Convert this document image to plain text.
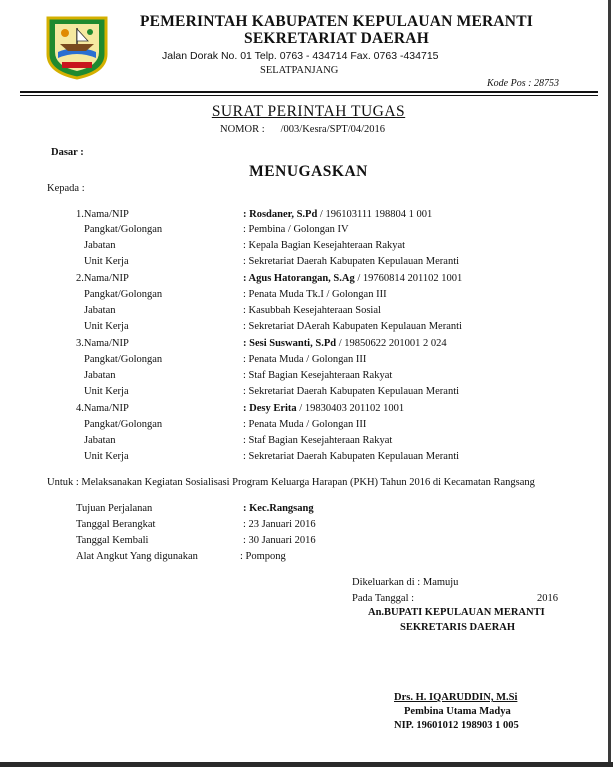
PEMERINTAH KABUPATEN KEPULAUAN MERANTI
SEKRETARIAT DAERAH
Jalan Dorak No. 01 Telp. 0763 - 434714 Fax. 0763 -434715
SELATPANJANG
Kode Pos : 28753
SURAT PERINTAH TUGAS
NOMOR : /003/Kesra/SPT/04/2016
Dasar :
MENUGASKAN
Kepada :
1.Nama/NIP	: Rosdaner, S.Pd / 196103111 198804 1 001
Pangkat/Golongan	: Pembina / Golongan IV
Jabatan	: Kepala Bagian Kesejahteraan Rakyat
Unit Kerja	: Sekretariat Daerah Kabupaten Kepulauan Meranti
2.Nama/NIP	: Agus Hatorangan, S.Ag / 19760814 201102 1001
Pangkat/Golongan	: Penata Muda Tk.I / Golongan III
Jabatan	: Kasubbah Kesejahteraan Sosial
Unit Kerja	: Sekretariat DAerah Kabupaten Kepulauan Meranti
3.Nama/NIP	: Sesi Suswanti, S.Pd / 19850622 201001 2 024
Pangkat/Golongan	: Penata Muda / Golongan III
Jabatan	: Staf Bagian Kesejahteraan Rakyat
Unit Kerja	: Sekretariat Daerah Kabupaten Kepulauan Meranti
4.Nama/NIP	: Desy Erita / 19830403 201102 1001
Pangkat/Golongan	: Penata Muda / Golongan III
Jabatan	: Staf Bagian Kesejahteraan Rakyat
Unit Kerja	: Sekretariat Daerah Kabupaten Kepulauan Meranti
Untuk : Melaksanakan Kegiatan Sosialisasi Program Keluarga Harapan (PKH) Tahun 2016 di Kecamatan Rangsang
Tujuan Perjalanan	: Kec.Rangsang
Tanggal Berangkat	: 23 Januari 2016
Tanggal Kembali	: 30 Januari 2016
Alat Angkut Yang digunakan	: Pompong
Dikeluarkan di : Mamuju
Pada Tanggal :	2016
An.BUPATI KEPULAUAN MERANTI
SEKRETARIS DAERAH
Drs. H. IQARUDDIN, M.Si
Pembina Utama Madya
NIP. 19601012 198903 1 005
